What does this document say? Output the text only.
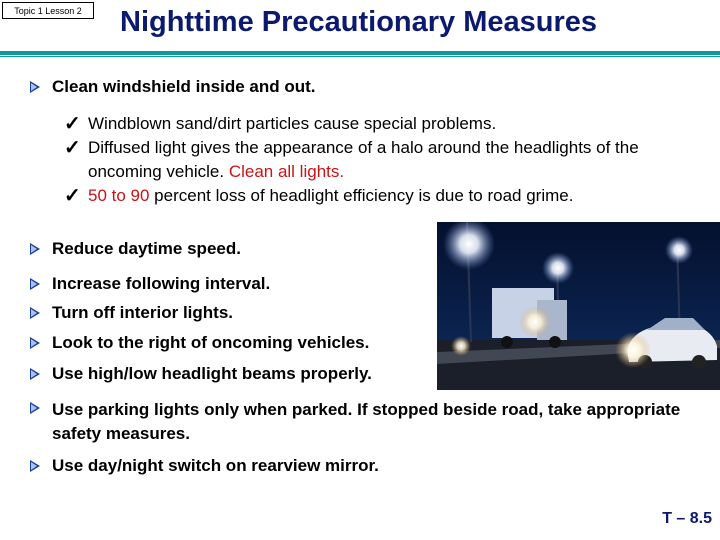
Topic 1 Lesson 2	Nighttime Precautionary Measures
Clean windshield inside and out.
✓ Windblown sand/dirt particles cause special problems.
✓ Diffused light gives the appearance of a halo around the headlights of the oncoming vehicle. Clean all lights.
✓ 50 to 90 percent loss of headlight efficiency is due to road grime.
Reduce daytime speed.
Increase following interval.
Turn off interior lights.
Look to the right of oncoming vehicles.
Use high/low headlight beams properly.
Use parking lights only when parked. If stopped beside road, take appropriate safety measures.
Use day/night switch on rearview mirror.
T – 8.5
